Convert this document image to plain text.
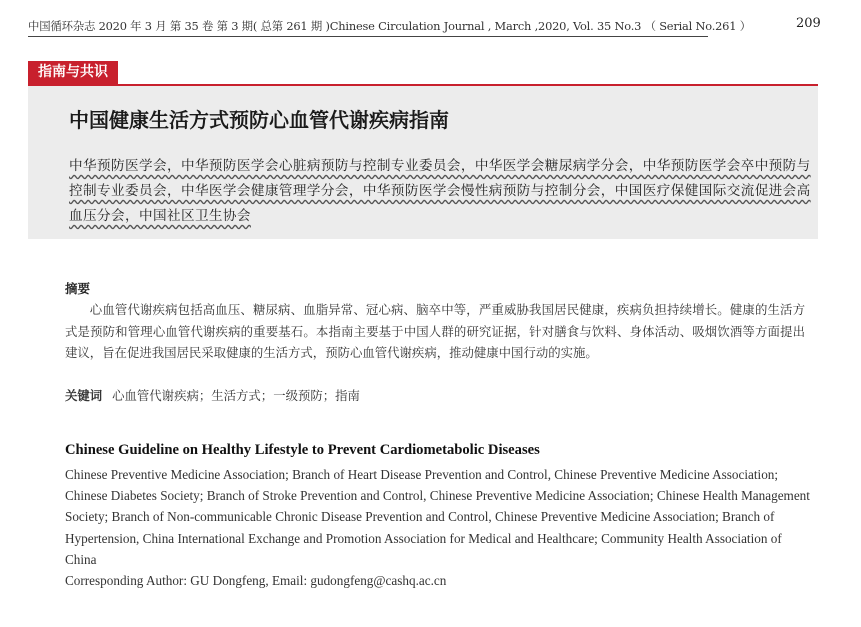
中国循环杂志 2020 年 3 月 第 35 卷 第 3 期( 总第 261 期 )Chinese Circulation Journal , March ,2020, Vol. 35 No.3 （ Serial No.261 ）	209
指南与共识
中国健康生活方式预防心血管代谢疾病指南
中华预防医学会，中华预防医学会心脏病预防与控制专业委员会，中华医学会糖尿病学分会，中华预防医学会卒中预防与控制专业委员会，中华医学会健康管理学分会，中华预防医学会慢性病预防与控制分会，中国医疗保健国际交流促进会高血压分会，中国社区卫生协会
摘要
心血管代谢疾病包括高血压、糖尿病、血脂异常、冠心病、脑卒中等，严重威胁我国居民健康，疾病负担持续增长。健康的生活方式是预防和管理心血管代谢疾病的重要基石。本指南主要基于中国人群的研究证据，针对膳食与饮料、身体活动、吸烟饮酒等方面提出建议，旨在促进我国居民采取健康的生活方式，预防心血管代谢疾病，推动健康中国行动的实施。
关键词 心血管代谢疾病；生活方式；一级预防；指南
Chinese Guideline on Healthy Lifestyle to Prevent Cardiometabolic Diseases
Chinese Preventive Medicine Association; Branch of Heart Disease Prevention and Control, Chinese Preventive Medicine Association; Chinese Diabetes Society; Branch of Stroke Prevention and Control, Chinese Preventive Medicine Association; Chinese Health Management Society; Branch of Non-communicable Chronic Disease Prevention and Control, Chinese Preventive Medicine Association; Branch of Hypertension, China International Exchange and Promotion Association for Medical and Healthcare; Community Health Association of China
Corresponding Author: GU Dongfeng, Email: gudongfeng@cashq.ac.cn
